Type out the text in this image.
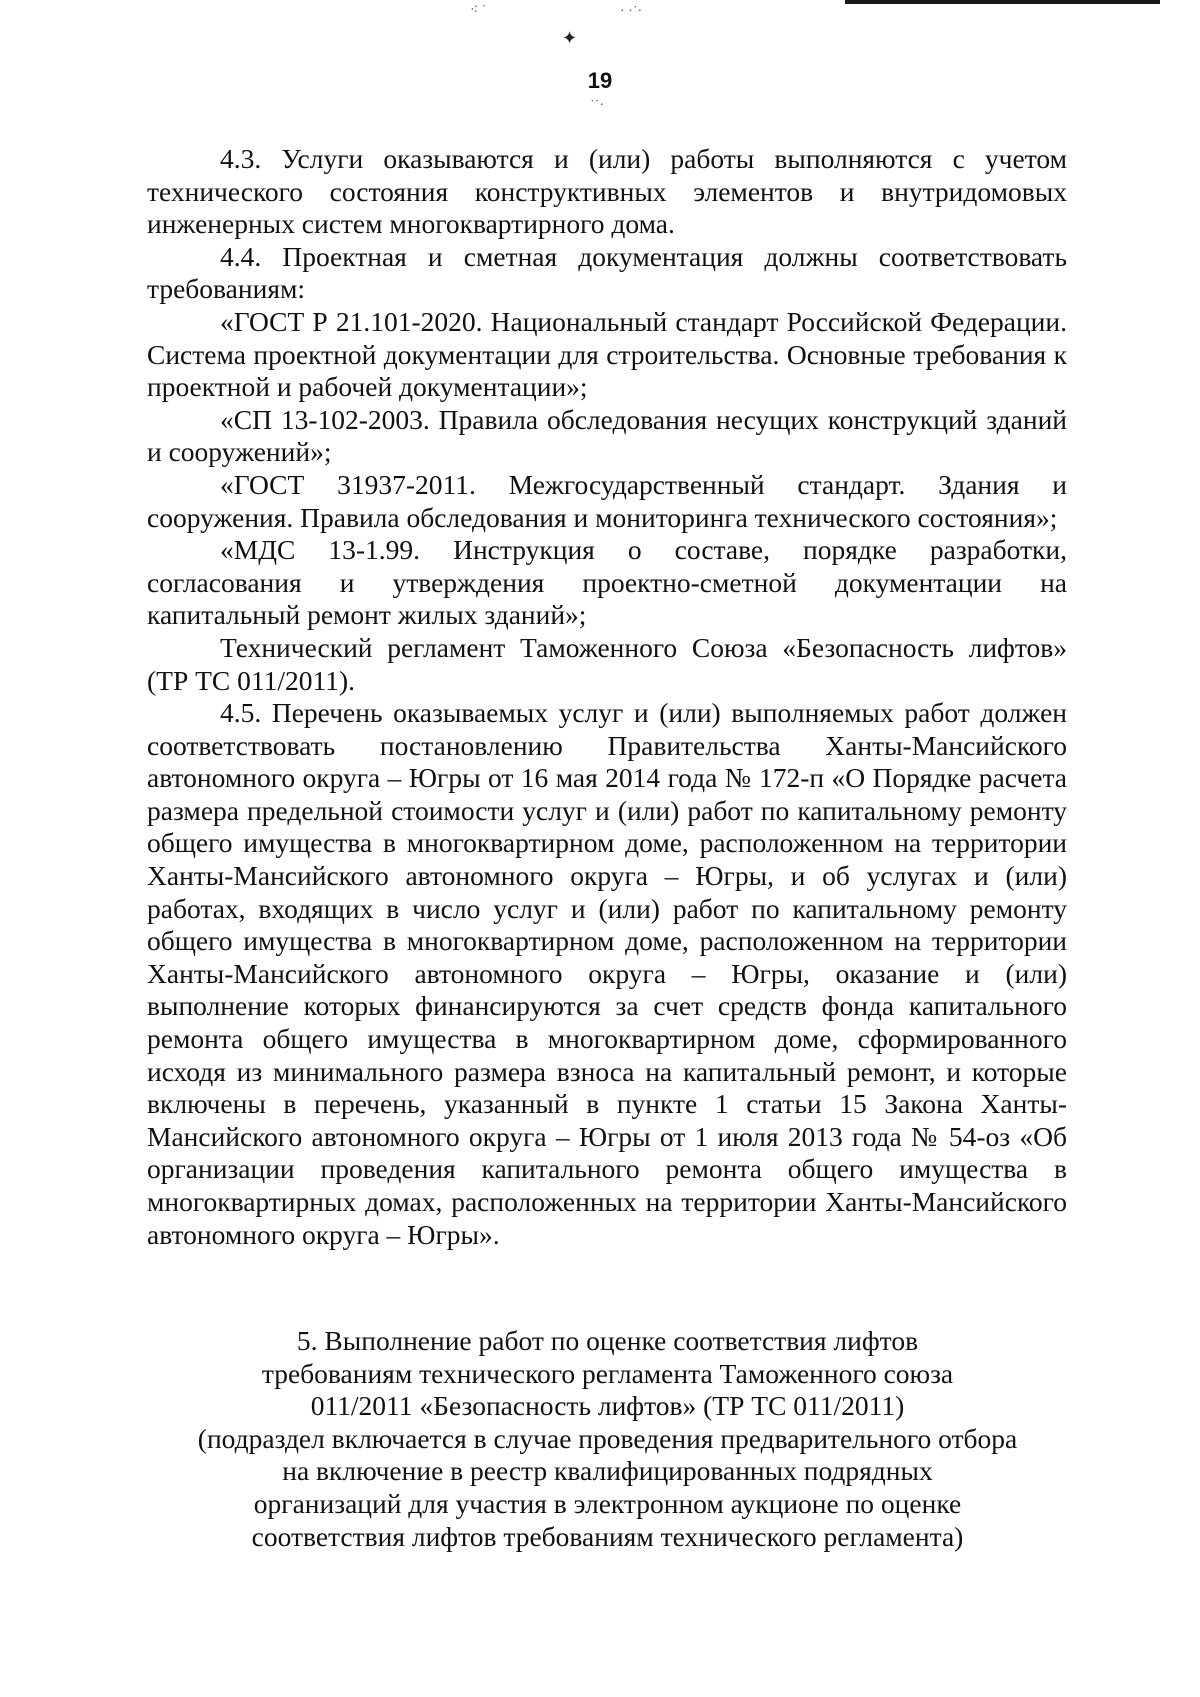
⁖ ˙	· ·˙·
✦
˙˙·
19

4.3. Услуги оказываются и (или) работы выполняются с учетом технического состояния конструктивных элементов и внутридомовых инженерных систем многоквартирного дома.

4.4. Проектная и сметная документация должны соответствовать требованиям:

«ГОСТ Р 21.101-2020. Национальный стандарт Российской Федерации. Система проектной документации для строительства. Основные требования к проектной и рабочей документации»;

«СП 13-102-2003. Правила обследования несущих конструкций зданий и сооружений»;

«ГОСТ 31937-2011. Межгосударственный стандарт. Здания и сооружения. Правила обследования и мониторинга технического состояния»;

«МДС 13-1.99. Инструкция о составе, порядке разработки, согласования и утверждения проектно-сметной документации на капитальный ремонт жилых зданий»;

Технический регламент Таможенного Союза «Безопасность лифтов» (ТР ТС 011/2011).

4.5. Перечень оказываемых услуг и (или) выполняемых работ должен соответствовать постановлению Правительства Ханты-Мансийского автономного округа – Югры от 16 мая 2014 года № 172-п «О Порядке расчета размера предельной стоимости услуг и (или) работ по капитальному ремонту общего имущества в многоквартирном доме, расположенном на территории Ханты-Мансийского автономного округа – Югры, и об услугах и (или) работах, входящих в число услуг и (или) работ по капитальному ремонту общего имущества в многоквартирном доме, расположенном на территории Ханты-Мансийского автономного округа – Югры, оказание и (или) выполнение которых финансируются за счет средств фонда капитального ремонта общего имущества в многоквартирном доме, сформированного исходя из минимального размера взноса на капитальный ремонт, и которые включены в перечень, указанный в пункте 1 статьи 15 Закона Ханты-Мансийского автономного округа – Югры от 1 июля 2013 года № 54-оз «Об организации проведения капитального ремонта общего имущества в многоквартирных домах, расположенных на территории Ханты-Мансийского автономного округа – Югры».

5. Выполнение работ по оценке соответствия лифтов

требованиям технического регламента Таможенного союза

011/2011 «Безопасность лифтов» (ТР ТС 011/2011)

(подраздел включается в случае проведения предварительного отбора

на включение в реестр квалифицированных подрядных

организаций для участия в электронном аукционе по оценке

соответствия лифтов требованиям технического регламента)
